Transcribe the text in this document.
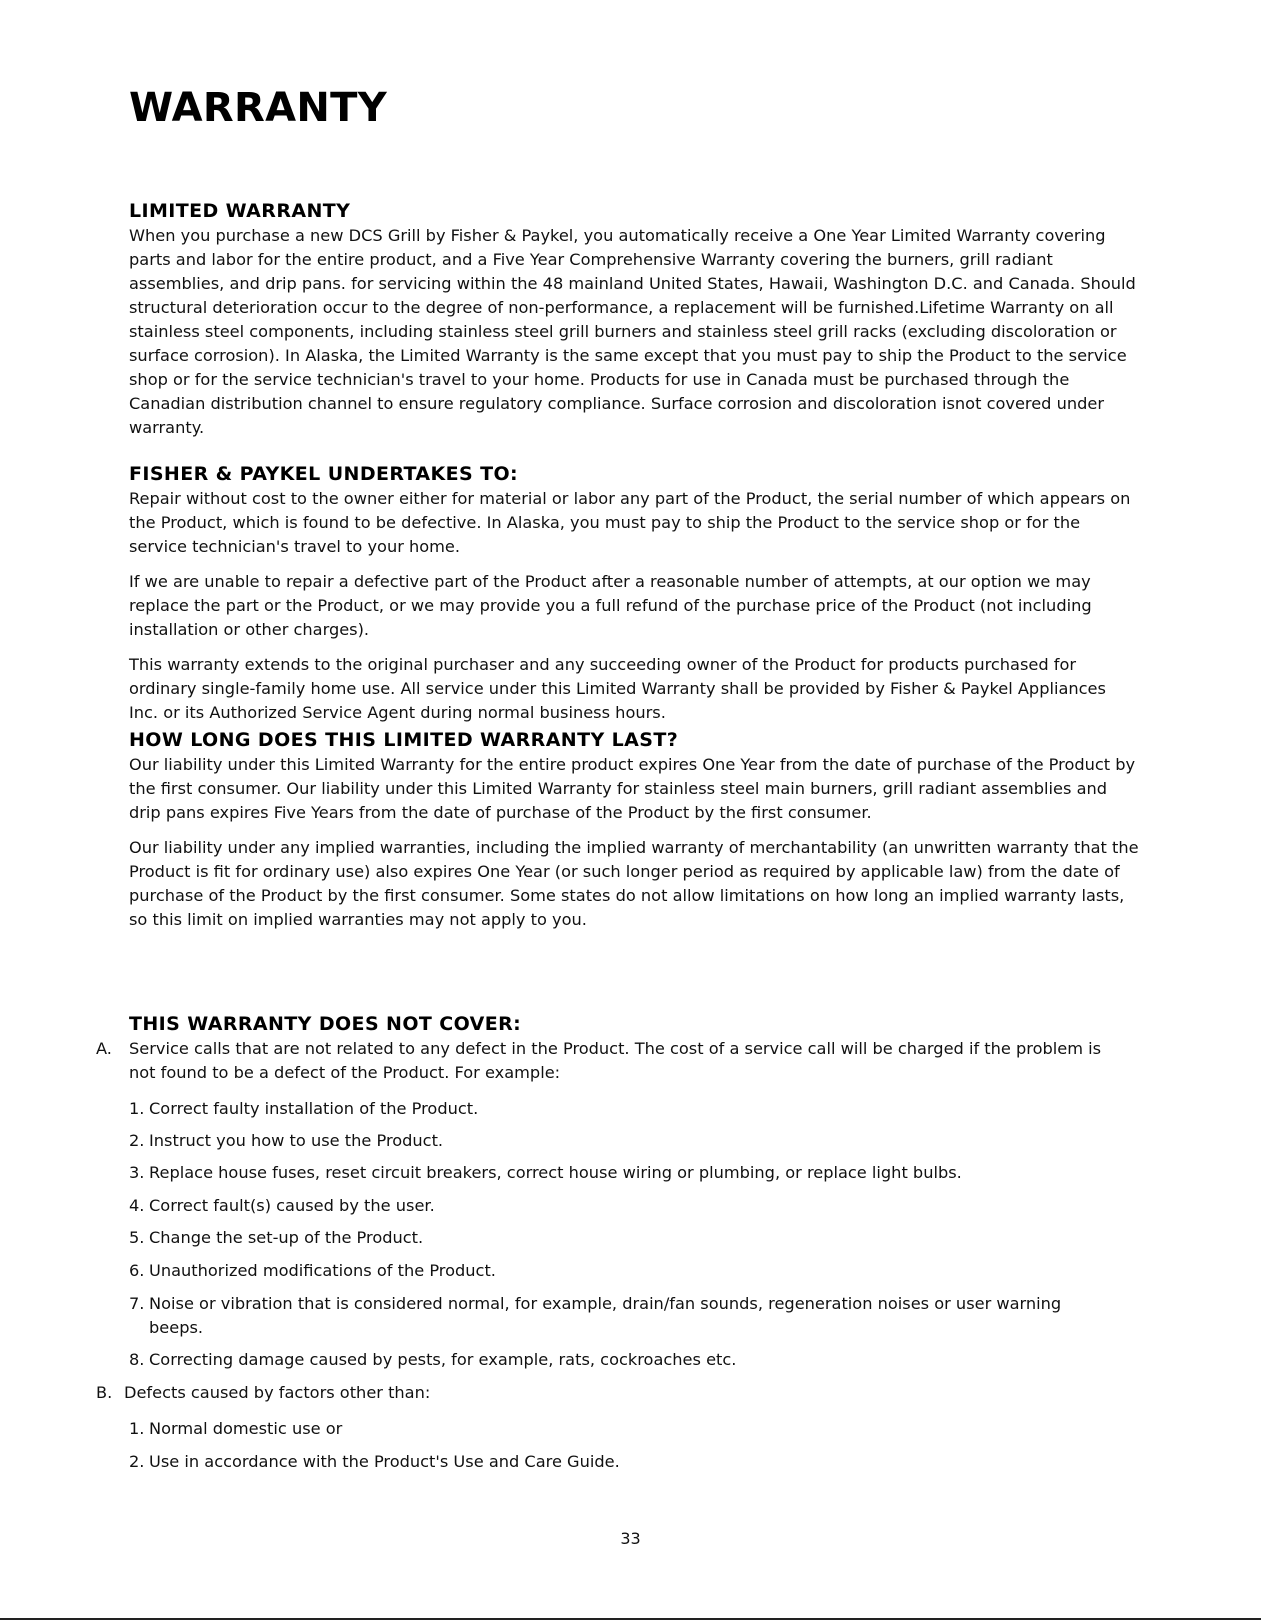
WARRANTY
LIMITED WARRANTY

When you purchase a new DCS Grill by Fisher & Paykel, you automatically receive a One Year Limited Warranty covering parts and labor for the entire product, and a Five Year Comprehensive Warranty covering the burners, grill radiant assemblies, and drip pans. for servicing within the 48 mainland United States, Hawaii, Washington D.C. and Canada. Should structural deterioration occur to the degree of non-performance, a replacement will be furnished.Lifetime Warranty on all stainless steel components, including stainless steel grill burners and stainless steel grill racks (excluding discoloration or surface corrosion). In Alaska, the Limited Warranty is the same except that you must pay to ship the Product to the service shop or for the service technician's travel to your home. Products for use in Canada must be purchased through the Canadian distribution channel to ensure regulatory compliance. Surface corrosion and discoloration isnot covered under warranty.

FISHER & PAYKEL UNDERTAKES TO:

Repair without cost to the owner either for material or labor any part of the Product, the serial number of which appears on the Product, which is found to be defective. In Alaska, you must pay to ship the Product to the service shop or for the service technician's travel to your home.

If we are unable to repair a defective part of the Product after a reasonable number of attempts, at our option we may replace the part or the Product, or we may provide you a full refund of the purchase price of the Product (not including installation or other charges).

This warranty extends to the original purchaser and any succeeding owner of the Product for products purchased for ordinary single-family home use. All service under this Limited Warranty shall be provided by Fisher & Paykel Appliances Inc. or its Authorized Service Agent during normal business hours.

HOW LONG DOES THIS LIMITED WARRANTY LAST?

Our liability under this Limited Warranty for the entire product expires One Year from the date of purchase of the Product by the first consumer. Our liability under this Limited Warranty for stainless steel main burners, grill radiant assemblies and drip pans expires Five Years from the date of purchase of the Product by the first consumer.

Our liability under any implied warranties, including the implied warranty of merchantability (an unwritten warranty that the Product is fit for ordinary use) also expires One Year (or such longer period as required by applicable law) from the date of purchase of the Product by the first consumer. Some states do not allow limitations on how long an implied warranty lasts, so this limit on implied warranties may not apply to you.

THIS WARRANTY DOES NOT COVER:
A. Service calls that are not related to any defect in the Product. The cost of a service call will be charged if the problem is not found to be a defect of the Product. For example:
1. Correct faulty installation of the Product.
2. Instruct you how to use the Product.
3. Replace house fuses, reset circuit breakers, correct house wiring or plumbing, or replace light bulbs.
4. Correct fault(s) caused by the user.
5. Change the set-up of the Product.
6. Unauthorized modifications of the Product.
7. Noise or vibration that is considered normal, for example, drain/fan sounds, regeneration noises or user warning beeps.
8. Correcting damage caused by pests, for example, rats, cockroaches etc.
B. Defects caused by factors other than:
1. Normal domestic use or
2. Use in accordance with the Product's Use and Care Guide.
33
